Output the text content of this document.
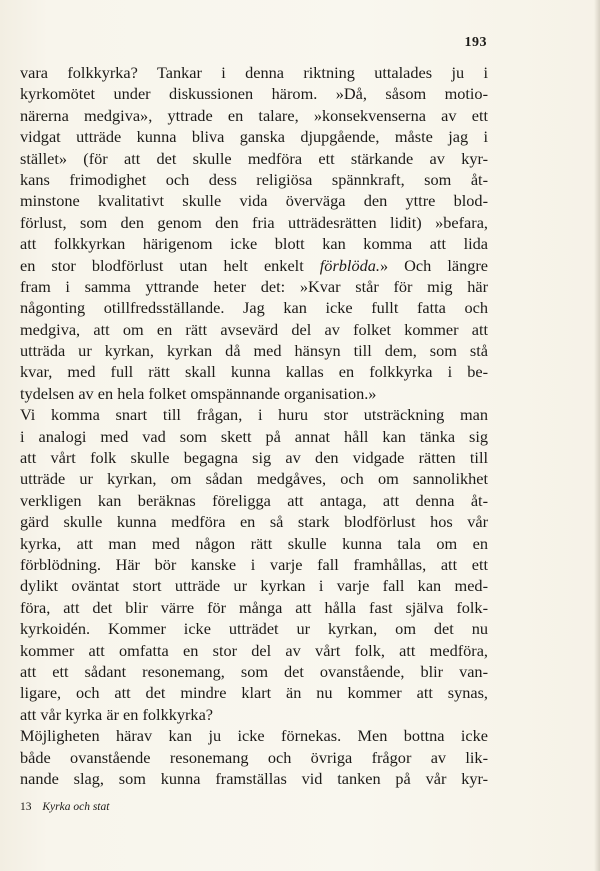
193

vara folkkyrka? Tankar i denna riktning uttalades ju i
kyrkomötet under diskussionen härom. »Då, såsom motio-
närerna medgiva», yttrade en talare, »konsekvenserna av ett
vidgat utträde kunna bliva ganska djupgående, måste jag i
stället» (för att det skulle medföra ett stärkande av kyr-
kans frimodighet och dess religiösa spännkraft, som åt-
minstone kvalitativt skulle vida överväga den yttre blod-
förlust, som den genom den fria utträdesrätten lidit) »befara,
att folkkyrkan härigenom icke blott kan komma att lida
en stor blodförlust utan helt enkelt förblöda.» Och längre
fram i samma yttrande heter det: »Kvar står för mig här
någonting otillfredsställande. Jag kan icke fullt fatta och
medgiva, att om en rätt avsevärd del av folket kommer att
utträda ur kyrkan, kyrkan då med hänsyn till dem, som stå
kvar, med full rätt skall kunna kallas en folkkyrka i be-
tydelsen av en hela folket omspännande organisation.»
Vi komma snart till frågan, i huru stor utsträckning man
i analogi med vad som skett på annat håll kan tänka sig
att vårt folk skulle begagna sig av den vidgade rätten till
utträde ur kyrkan, om sådan medgåves, och om sannolikhet
verkligen kan beräknas föreligga att antaga, att denna åt-
gärd skulle kunna medföra en så stark blodförlust hos vår
kyrka, att man med någon rätt skulle kunna tala om en
förblödning. Här bör kanske i varje fall framhållas, att ett
dylikt oväntat stort utträde ur kyrkan i varje fall kan med-
föra, att det blir värre för många att hålla fast själva folk-
kyrkoidén. Kommer icke utträdet ur kyrkan, om det nu
kommer att omfatta en stor del av vårt folk, att medföra,
att ett sådant resonemang, som det ovanstående, blir van-
ligare, och att det mindre klart än nu kommer att synas,
att vår kyrka är en folkkyrka?
Möjligheten härav kan ju icke förnekas. Men bottna icke
både ovanstående resonemang och övriga frågor av lik-
nande slag, som kunna framställas vid tanken på vår kyr-

13 Kyrka och stat
